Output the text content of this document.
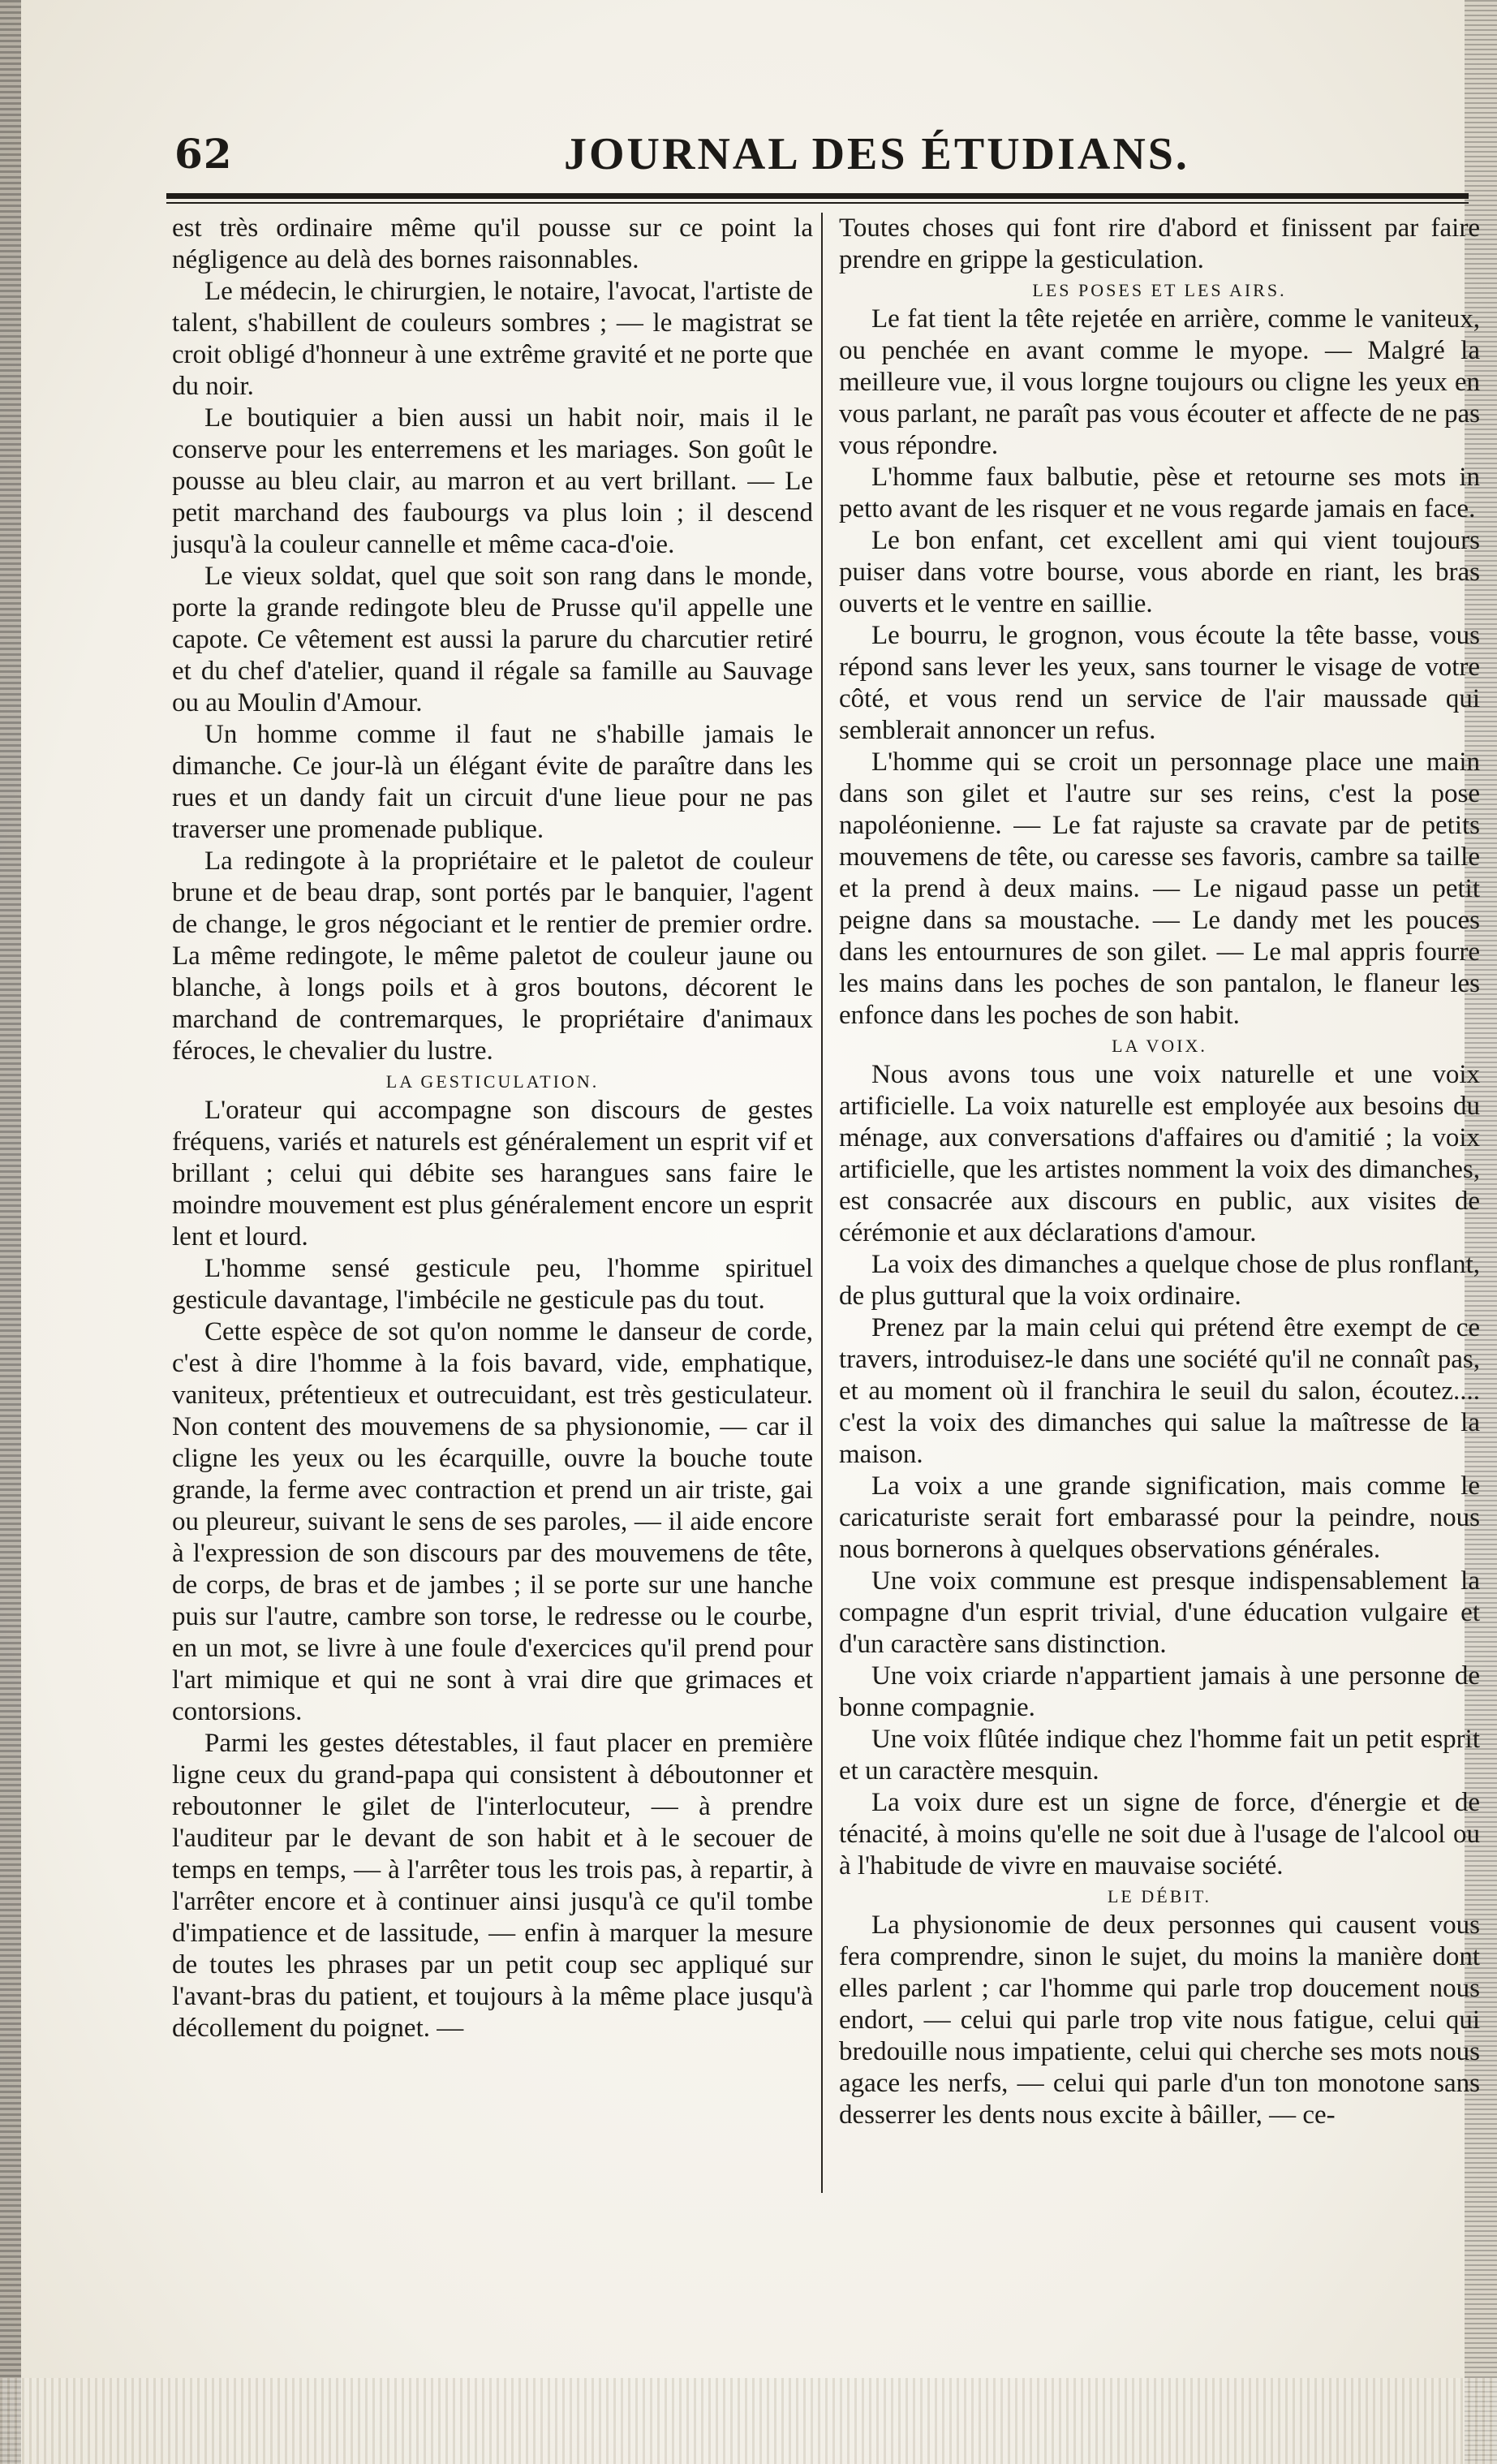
62	JOURNAL DES ÉTUDIANS.

est très ordinaire même qu'il pousse sur ce point la négligence au delà des bornes raisonnables.

Le médecin, le chirurgien, le notaire, l'avocat, l'artiste de talent, s'habillent de couleurs sombres ; — le magistrat se croit obligé d'honneur à une extrême gravité et ne porte que du noir.

Le boutiquier a bien aussi un habit noir, mais il le conserve pour les enterremens et les mariages. Son goût le pousse au bleu clair, au marron et au vert brillant. — Le petit marchand des faubourgs va plus loin ; il descend jusqu'à la couleur cannelle et même caca-d'oie.

Le vieux soldat, quel que soit son rang dans le monde, porte la grande redingote bleu de Prusse qu'il appelle une capote. Ce vêtement est aussi la parure du charcutier retiré et du chef d'atelier, quand il régale sa famille au Sauvage ou au Moulin d'Amour.

Un homme comme il faut ne s'habille jamais le dimanche. Ce jour-là un élégant évite de paraître dans les rues et un dandy fait un circuit d'une lieue pour ne pas traverser une promenade publique.

La redingote à la propriétaire et le paletot de couleur brune et de beau drap, sont portés par le banquier, l'agent de change, le gros négociant et le rentier de premier ordre. La même redingote, le même paletot de couleur jaune ou blanche, à longs poils et à gros boutons, décorent le marchand de contremarques, le propriétaire d'animaux féroces, le chevalier du lustre.

LA GESTICULATION.

L'orateur qui accompagne son discours de gestes fréquens, variés et naturels est généralement un esprit vif et brillant ; celui qui débite ses harangues sans faire le moindre mouvement est plus généralement encore un esprit lent et lourd.

L'homme sensé gesticule peu, l'homme spirituel gesticule davantage, l'imbécile ne gesticule pas du tout.

Cette espèce de sot qu'on nomme le danseur de corde, c'est à dire l'homme à la fois bavard, vide, emphatique, vaniteux, prétentieux et outrecuidant, est très gesticulateur. Non content des mouvemens de sa physionomie, — car il cligne les yeux ou les écarquille, ouvre la bouche toute grande, la ferme avec contraction et prend un air triste, gai ou pleureur, suivant le sens de ses paroles, — il aide encore à l'expression de son discours par des mouvemens de tête, de corps, de bras et de jambes ; il se porte sur une hanche puis sur l'autre, cambre son torse, le redresse ou le courbe, en un mot, se livre à une foule d'exercices qu'il prend pour l'art mimique et qui ne sont à vrai dire que grimaces et contorsions.

Parmi les gestes détestables, il faut placer en première ligne ceux du grand-papa qui consistent à déboutonner et reboutonner le gilet de l'interlocuteur, — à prendre l'auditeur par le devant de son habit et à le secouer de temps en temps, — à l'arrêter tous les trois pas, à repartir, à l'arrêter encore et à continuer ainsi jusqu'à ce qu'il tombe d'impatience et de lassitude, — enfin à marquer la mesure de toutes les phrases par un petit coup sec appliqué sur l'avant-bras du patient, et toujours à la même place jusqu'à décollement du poignet. —

Toutes choses qui font rire d'abord et finissent par faire prendre en grippe la gesticulation.

LES POSES ET LES AIRS.

Le fat tient la tête rejetée en arrière, comme le vaniteux, ou penchée en avant comme le myope. — Malgré la meilleure vue, il vous lorgne toujours ou cligne les yeux en vous parlant, ne paraît pas vous écouter et affecte de ne pas vous répondre.

L'homme faux balbutie, pèse et retourne ses mots in petto avant de les risquer et ne vous regarde jamais en face.

Le bon enfant, cet excellent ami qui vient toujours puiser dans votre bourse, vous aborde en riant, les bras ouverts et le ventre en saillie.

Le bourru, le grognon, vous écoute la tête basse, vous répond sans lever les yeux, sans tourner le visage de votre côté, et vous rend un service de l'air maussade qui semblerait annoncer un refus.

L'homme qui se croit un personnage place une main dans son gilet et l'autre sur ses reins, c'est la pose napoléonienne. — Le fat rajuste sa cravate par de petits mouvemens de tête, ou caresse ses favoris, cambre sa taille et la prend à deux mains. — Le nigaud passe un petit peigne dans sa moustache. — Le dandy met les pouces dans les entournures de son gilet. — Le mal appris fourre les mains dans les poches de son pantalon, le flaneur les enfonce dans les poches de son habit.

LA VOIX.

Nous avons tous une voix naturelle et une voix artificielle. La voix naturelle est employée aux besoins du ménage, aux conversations d'affaires ou d'amitié ; la voix artificielle, que les artistes nomment la voix des dimanches, est consacrée aux discours en public, aux visites de cérémonie et aux déclarations d'amour.

La voix des dimanches a quelque chose de plus ronflant, de plus guttural que la voix ordinaire.

Prenez par la main celui qui prétend être exempt de ce travers, introduisez-le dans une société qu'il ne connaît pas, et au moment où il franchira le seuil du salon, écoutez.... c'est la voix des dimanches qui salue la maîtresse de la maison.

La voix a une grande signification, mais comme le caricaturiste serait fort embarassé pour la peindre, nous nous bornerons à quelques observations générales.

Une voix commune est presque indispensablement la compagne d'un esprit trivial, d'une éducation vulgaire et d'un caractère sans distinction.

Une voix criarde n'appartient jamais à une personne de bonne compagnie.

Une voix flûtée indique chez l'homme fait un petit esprit et un caractère mesquin.

La voix dure est un signe de force, d'énergie et de ténacité, à moins qu'elle ne soit due à l'usage de l'alcool ou à l'habitude de vivre en mauvaise société.

LE DÉBIT.

La physionomie de deux personnes qui causent vous fera comprendre, sinon le sujet, du moins la manière dont elles parlent ; car l'homme qui parle trop doucement nous endort, — celui qui parle trop vite nous fatigue, celui qui bredouille nous impatiente, celui qui cherche ses mots nous agace les nerfs, — celui qui parle d'un ton monotone sans desserrer les dents nous excite à bâiller, — ce-
